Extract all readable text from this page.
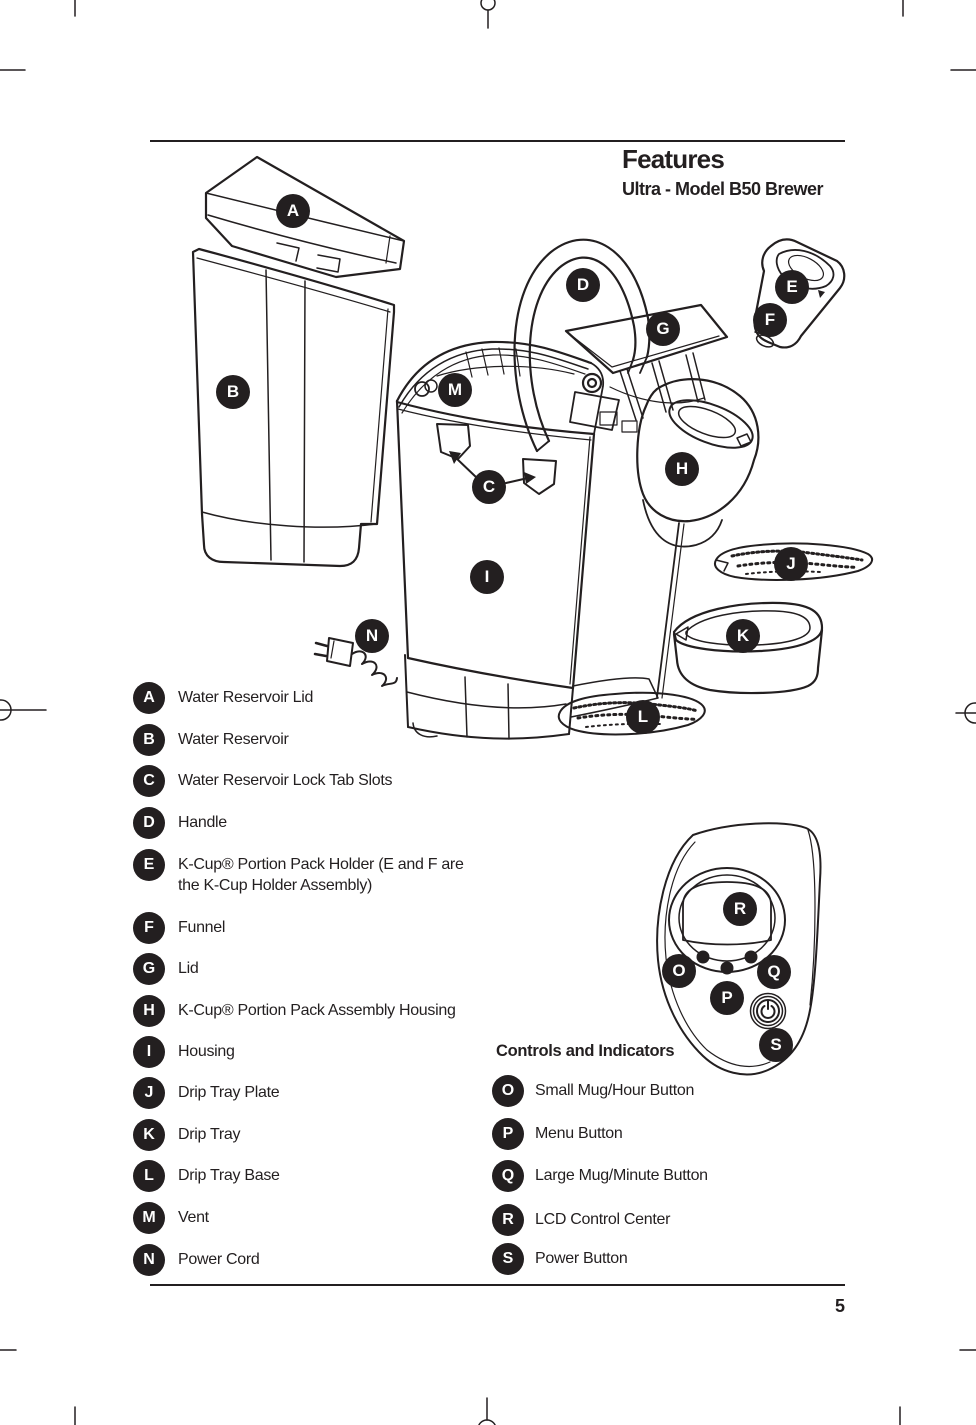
Features
Ultra - Model B50 Brewer
5
A
B
C
D	E
F
G
H
I
J
K
L
M
N
O
P
Q
R
S
A	Water Reservoir Lid
B	Water Reservoir
C	Water Reservoir Lock Tab Slots
D	Handle
E	K-Cup® Portion Pack Holder (E and F are the K-Cup Holder Assembly)
F	Funnel
G	Lid
H	K-Cup® Portion Pack Assembly Housing
I	Housing
J	Drip Tray Plate
K	Drip Tray
L	Drip Tray Base
M	Vent
N	Power Cord
Controls and Indicators
O	Small Mug/Hour Button
P	Menu Button
Q	Large Mug/Minute Button
R	LCD Control Center
S	Power Button
